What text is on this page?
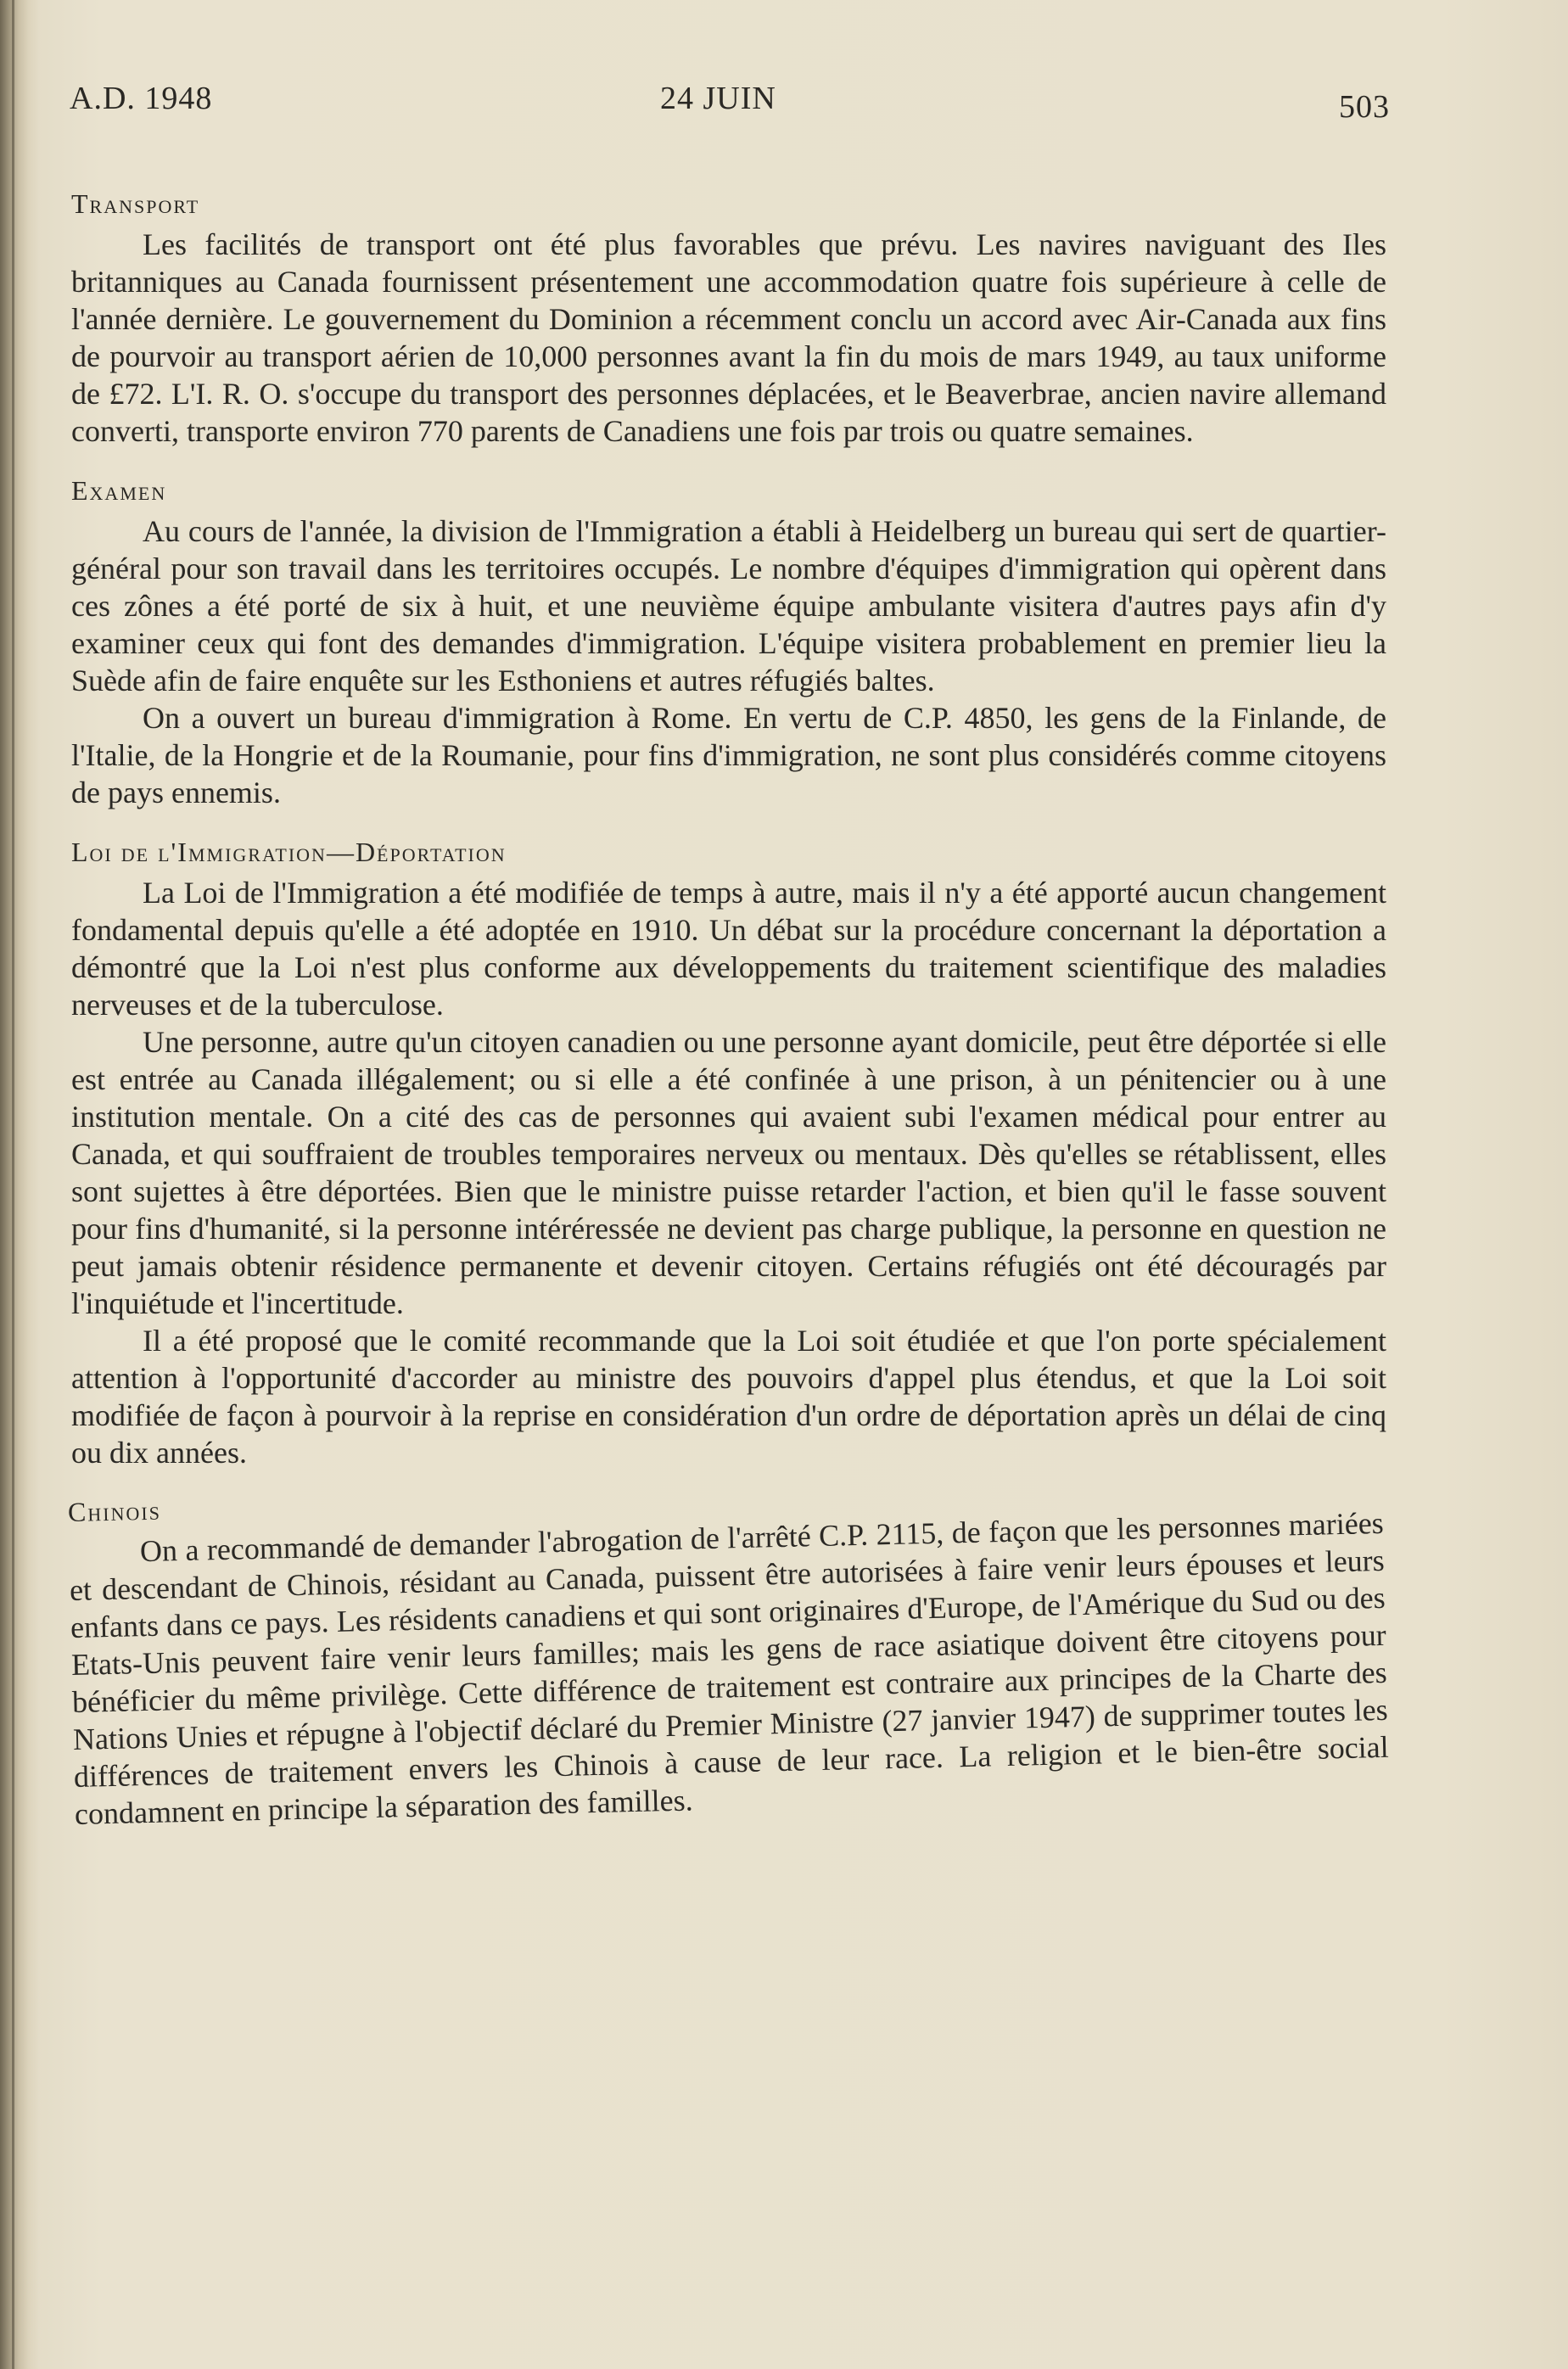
A.D. 1948	24 JUIN	503
Transport

Les facilités de transport ont été plus favorables que prévu. Les navires naviguant des Iles britanniques au Canada fournissent présentement une accommodation quatre fois supérieure à celle de l'année dernière. Le gouvernement du Dominion a récemment conclu un accord avec Air-Canada aux fins de pourvoir au transport aérien de 10,000 personnes avant la fin du mois de mars 1949, au taux uniforme de £72. L'I. R. O. s'occupe du transport des personnes déplacées, et le Beaverbrae, ancien navire allemand converti, transporte environ 770 parents de Canadiens une fois par trois ou quatre semaines.

Examen

Au cours de l'année, la division de l'Immigration a établi à Heidelberg un bureau qui sert de quartier-général pour son travail dans les territoires occupés. Le nombre d'équipes d'immigration qui opèrent dans ces zônes a été porté de six à huit, et une neuvième équipe ambulante visitera d'autres pays afin d'y examiner ceux qui font des demandes d'immigration. L'équipe visitera probablement en premier lieu la Suède afin de faire enquête sur les Esthoniens et autres réfugiés baltes.

On a ouvert un bureau d'immigration à Rome. En vertu de C.P. 4850, les gens de la Finlande, de l'Italie, de la Hongrie et de la Roumanie, pour fins d'immigration, ne sont plus considérés comme citoyens de pays ennemis.

Loi de l'Immigration—Déportation

La Loi de l'Immigration a été modifiée de temps à autre, mais il n'y a été apporté aucun changement fondamental depuis qu'elle a été adoptée en 1910. Un débat sur la procédure concernant la déportation a démontré que la Loi n'est plus conforme aux développements du traitement scientifique des maladies nerveuses et de la tuberculose.

Une personne, autre qu'un citoyen canadien ou une personne ayant domicile, peut être déportée si elle est entrée au Canada illégalement; ou si elle a été confinée à une prison, à un pénitencier ou à une institution mentale. On a cité des cas de personnes qui avaient subi l'examen médical pour entrer au Canada, et qui souffraient de troubles temporaires nerveux ou mentaux. Dès qu'elles se rétablissent, elles sont sujettes à être déportées. Bien que le ministre puisse retarder l'action, et bien qu'il le fasse souvent pour fins d'humanité, si la personne intéréressée ne devient pas charge publique, la personne en question ne peut jamais obtenir résidence permanente et devenir citoyen. Certains réfugiés ont été découragés par l'inquiétude et l'incertitude.

Il a été proposé que le comité recommande que la Loi soit étudiée et que l'on porte spécialement attention à l'opportunité d'accorder au ministre des pouvoirs d'appel plus étendus, et que la Loi soit modifiée de façon à pourvoir à la reprise en considération d'un ordre de déportation après un délai de cinq ou dix années.

Chinois

On a recommandé de demander l'abrogation de l'arrêté C.P. 2115, de façon que les personnes mariées et descendant de Chinois, résidant au Canada, puissent être autorisées à faire venir leurs épouses et leurs enfants dans ce pays. Les résidents canadiens et qui sont originaires d'Europe, de l'Amérique du Sud ou des Etats-Unis peuvent faire venir leurs familles; mais les gens de race asiatique doivent être citoyens pour bénéficier du même privilège. Cette différence de traitement est contraire aux principes de la Charte des Nations Unies et répugne à l'objectif déclaré du Premier Ministre (27 janvier 1947) de supprimer toutes les différences de traitement envers les Chinois à cause de leur race. La religion et le bien-être social condamnent en principe la séparation des familles.
